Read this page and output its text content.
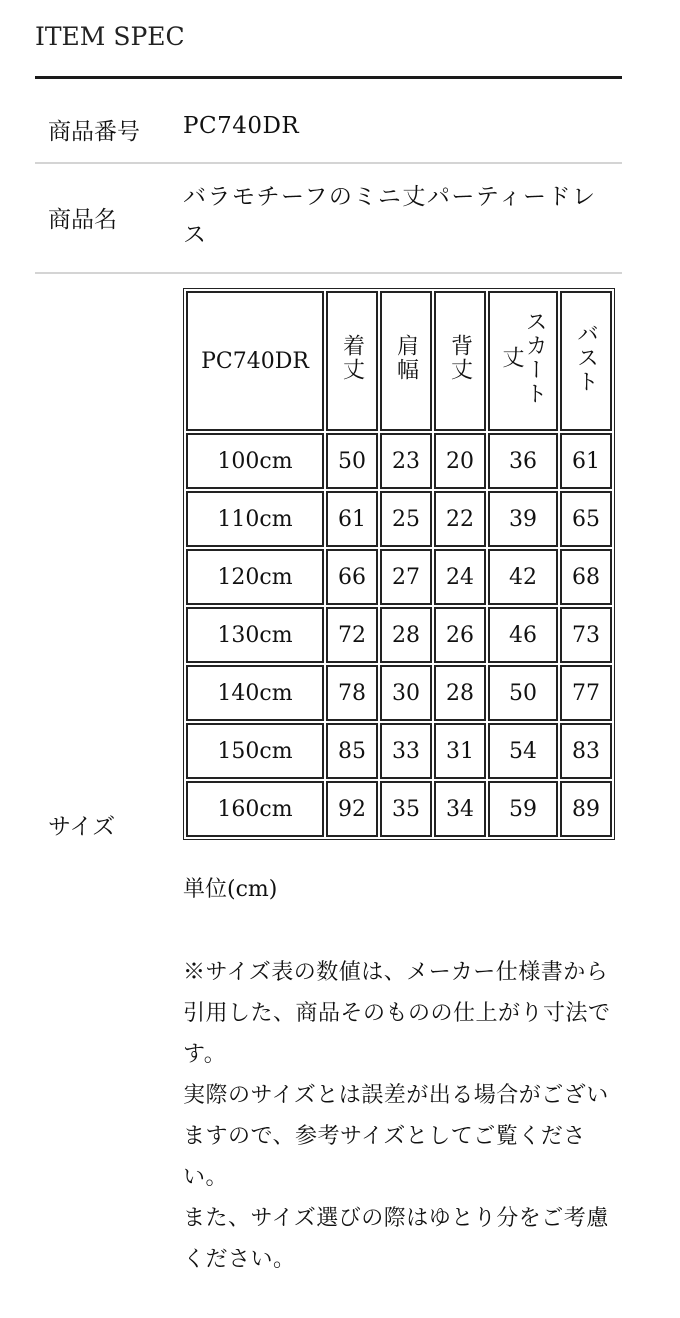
ITEM SPEC
商品番号 PC740DR
商品名
バラモチーフのミニ丈パーティードレス
サイズ
PC740DR	着丈	肩幅	背丈	スカート丈	バスト
100cm	50	23	20	36	61
110cm	61	25	22	39	65
120cm	66	27	24	42	68
130cm	72	28	26	46	73
140cm	78	30	28	50	77
150cm	85	33	31	54	83
160cm	92	35	34	59	89
単位(cm)

※サイズ表の数値は、メーカー仕様書から引用した、商品そのものの仕上がり寸法です。

実際のサイズとは誤差が出る場合がございますので、参考サイズとしてご覧ください。

また、サイズ選びの際はゆとり分をご考慮ください。
